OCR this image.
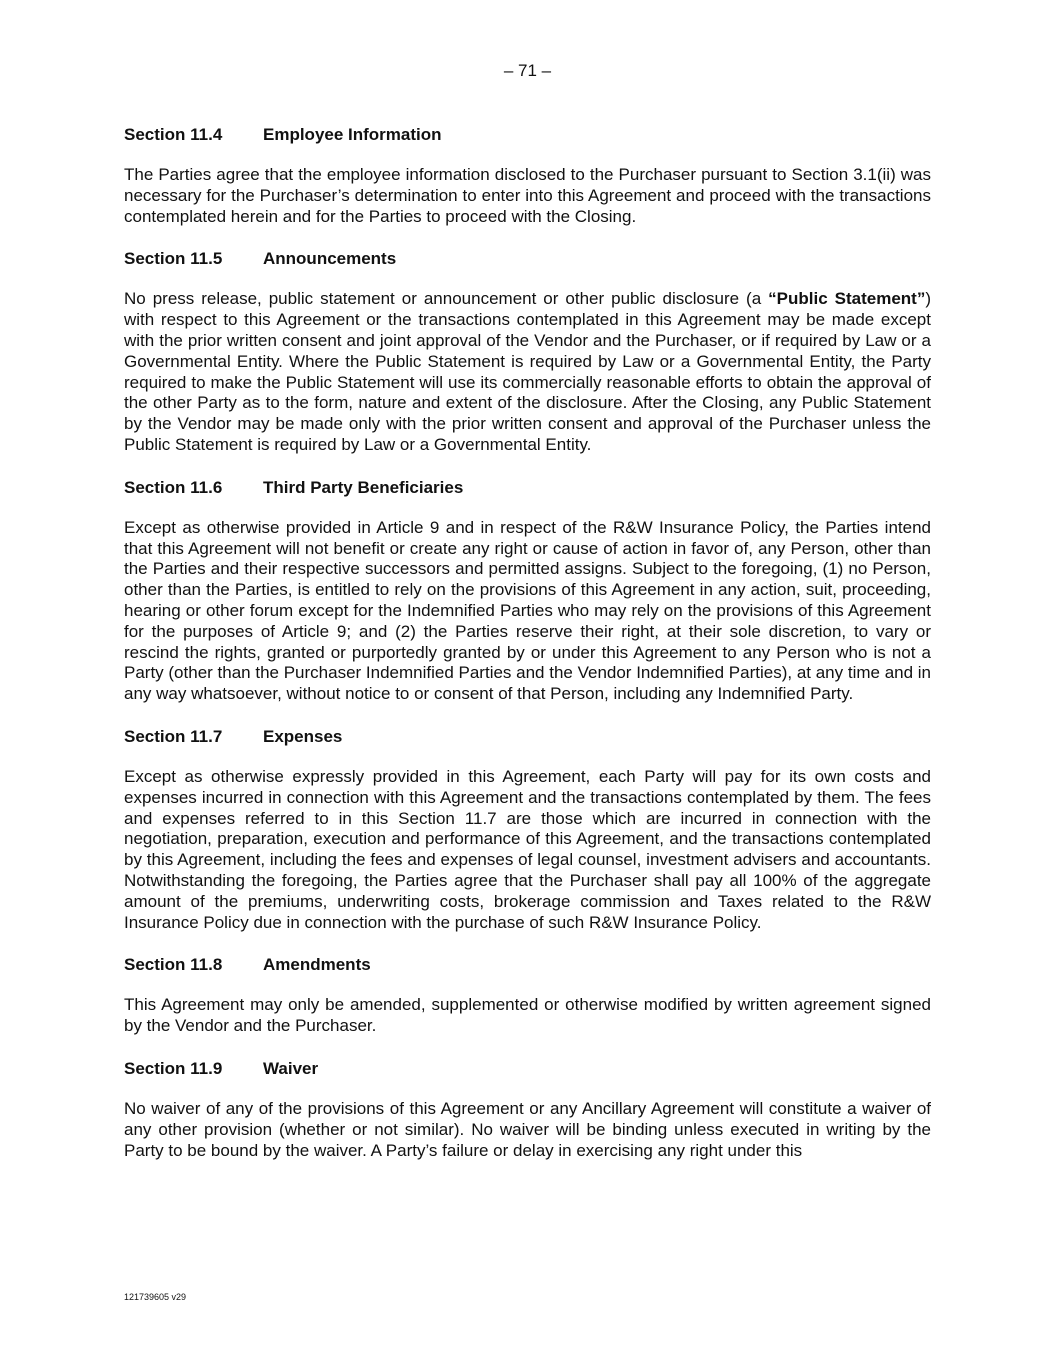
– 71 –
Section 11.4	Employee Information

The Parties agree that the employee information disclosed to the Purchaser pursuant to Section 3.1(ii) was necessary for the Purchaser’s determination to enter into this Agreement and proceed with the transactions contemplated herein and for the Parties to proceed with the Closing.

Section 11.5	Announcements

No press release, public statement or announcement or other public disclosure (a “Public Statement”) with respect to this Agreement or the transactions contemplated in this Agreement may be made except with the prior written consent and joint approval of the Vendor and the Purchaser, or if required by Law or a Governmental Entity. Where the Public Statement is required by Law or a Governmental Entity, the Party required to make the Public Statement will use its commercially reasonable efforts to obtain the approval of the other Party as to the form, nature and extent of the disclosure. After the Closing, any Public Statement by the Vendor may be made only with the prior written consent and approval of the Purchaser unless the Public Statement is required by Law or a Governmental Entity.

Section 11.6	Third Party Beneficiaries

Except as otherwise provided in Article 9 and in respect of the R&W Insurance Policy, the Parties intend that this Agreement will not benefit or create any right or cause of action in favor of, any Person, other than the Parties and their respective successors and permitted assigns. Subject to the foregoing, (1) no Person, other than the Parties, is entitled to rely on the provisions of this Agreement in any action, suit, proceeding, hearing or other forum except for the Indemnified Parties who may rely on the provisions of this Agreement for the purposes of Article 9; and (2) the Parties reserve their right, at their sole discretion, to vary or rescind the rights, granted or purportedly granted by or under this Agreement to any Person who is not a Party (other than the Purchaser Indemnified Parties and the Vendor Indemnified Parties), at any time and in any way whatsoever, without notice to or consent of that Person, including any Indemnified Party.

Section 11.7	Expenses

Except as otherwise expressly provided in this Agreement, each Party will pay for its own costs and expenses incurred in connection with this Agreement and the transactions contemplated by them. The fees and expenses referred to in this Section 11.7 are those which are incurred in connection with the negotiation, preparation, execution and performance of this Agreement, and the transactions contemplated by this Agreement, including the fees and expenses of legal counsel, investment advisers and accountants. Notwithstanding the foregoing, the Parties agree that the Purchaser shall pay all 100% of the aggregate amount of the premiums, underwriting costs, brokerage commission and Taxes related to the R&W Insurance Policy due in connection with the purchase of such R&W Insurance Policy.

Section 11.8	Amendments

This Agreement may only be amended, supplemented or otherwise modified by written agreement signed by the Vendor and the Purchaser.

Section 11.9	Waiver

No waiver of any of the provisions of this Agreement or any Ancillary Agreement will constitute a waiver of any other provision (whether or not similar). No waiver will be binding unless executed in writing by the Party to be bound by the waiver. A Party’s failure or delay in exercising any right under this

121739605 v29
